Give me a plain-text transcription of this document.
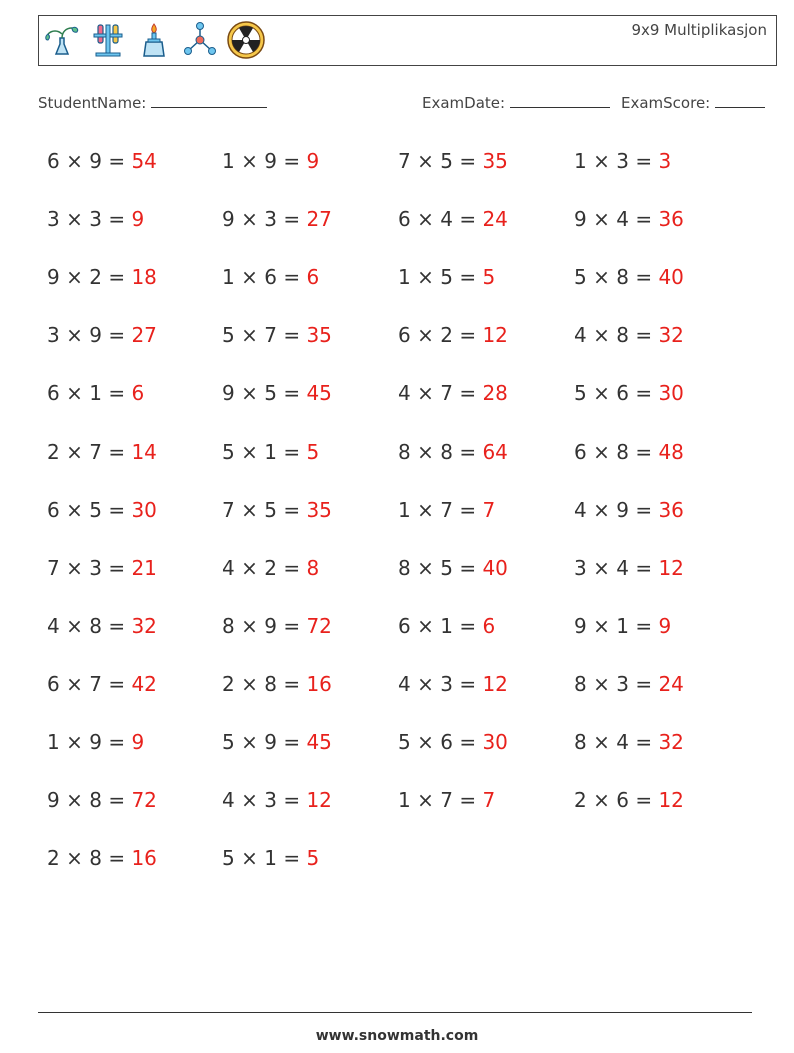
9x9 Multiplikasjon
StudentName:	ExamDate:	ExamScore:
6 × 9 = 54	1 × 9 = 9	7 × 5 = 35	1 × 3 = 3
3 × 3 = 9	9 × 3 = 27	6 × 4 = 24	9 × 4 = 36
9 × 2 = 18	1 × 6 = 6	1 × 5 = 5	5 × 8 = 40
3 × 9 = 27	5 × 7 = 35	6 × 2 = 12	4 × 8 = 32
6 × 1 = 6	9 × 5 = 45	4 × 7 = 28	5 × 6 = 30
2 × 7 = 14	5 × 1 = 5	8 × 8 = 64	6 × 8 = 48
6 × 5 = 30	7 × 5 = 35	1 × 7 = 7	4 × 9 = 36
7 × 3 = 21	4 × 2 = 8	8 × 5 = 40	3 × 4 = 12
4 × 8 = 32	8 × 9 = 72	6 × 1 = 6	9 × 1 = 9
6 × 7 = 42	2 × 8 = 16	4 × 3 = 12	8 × 3 = 24
1 × 9 = 9	5 × 9 = 45	5 × 6 = 30	8 × 4 = 32
9 × 8 = 72	4 × 3 = 12	1 × 7 = 7	2 × 6 = 12
2 × 8 = 16	5 × 1 = 5
www.snowmath.com
